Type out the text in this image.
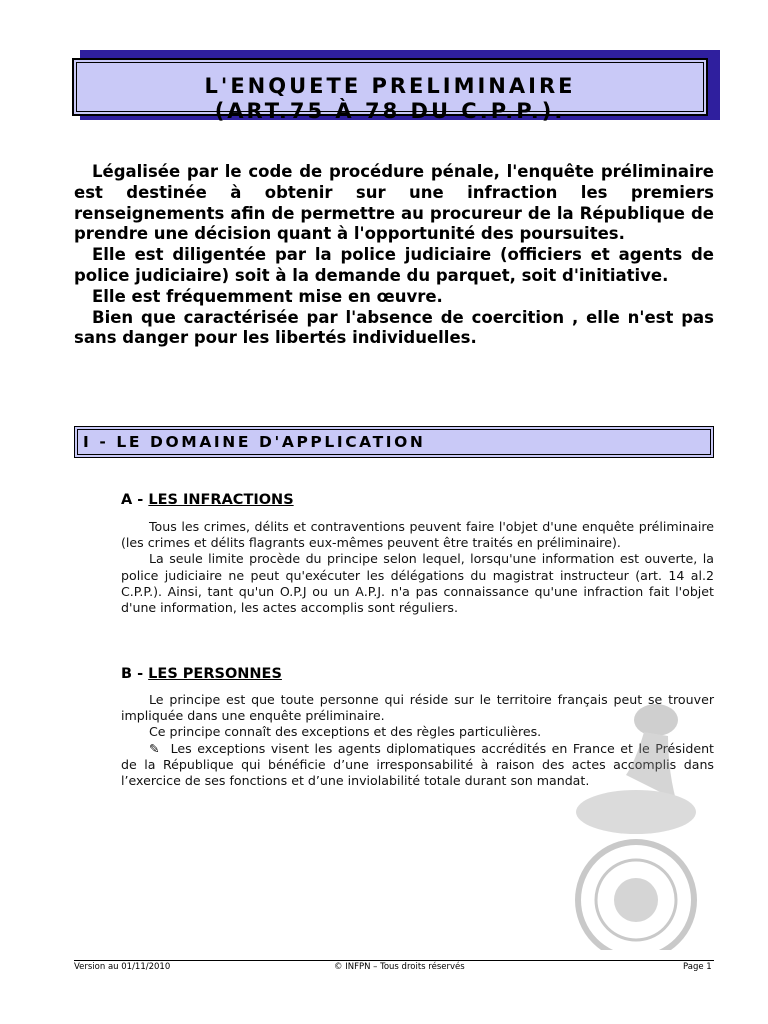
L'ENQUETE PRELIMINAIRE
(ART.75 À 78 DU C.P.P.).

Légalisée par le code de procédure pénale, l'enquête préliminaire est destinée à obtenir sur une infraction les premiers renseignements afin de permettre au procureur de la République de prendre une décision quant à l'opportunité des poursuites.

Elle est diligentée par la police judiciaire (officiers et agents de police judiciaire) soit à la demande du parquet, soit d'initiative.

Elle est fréquemment mise en œuvre.

Bien que caractérisée par l'absence de coercition , elle n'est pas sans danger pour les libertés individuelles.

I - LE DOMAINE D'APPLICATION
A - LES INFRACTIONS

Tous les crimes, délits et contraventions peuvent faire l'objet d'une enquête préliminaire (les crimes et délits flagrants eux-mêmes peuvent être traités en préliminaire).

La seule limite procède du principe selon lequel, lorsqu'une information est ouverte, la police judiciaire ne peut qu'exécuter les délégations du magistrat instructeur (art. 14 al.2 C.P.P.). Ainsi, tant qu'un O.P.J ou un A.P.J. n'a pas connaissance qu'une infraction fait l'objet d'une information, les actes accomplis sont réguliers.

B - LES PERSONNES

Le principe est que toute personne qui réside sur le territoire français peut se trouver impliquée dans une enquête préliminaire.

Ce principe connaît des exceptions et des règles particulières.

✎ Les exceptions visent les agents diplomatiques accrédités en France et le Président de la République qui bénéficie d’une irresponsabilité à raison des actes accomplis dans l’exercice de ses fonctions et d’une inviolabilité totale durant son mandat.

Version au 01/11/2010	© INFPN – Tous droits réservés	Page 1
